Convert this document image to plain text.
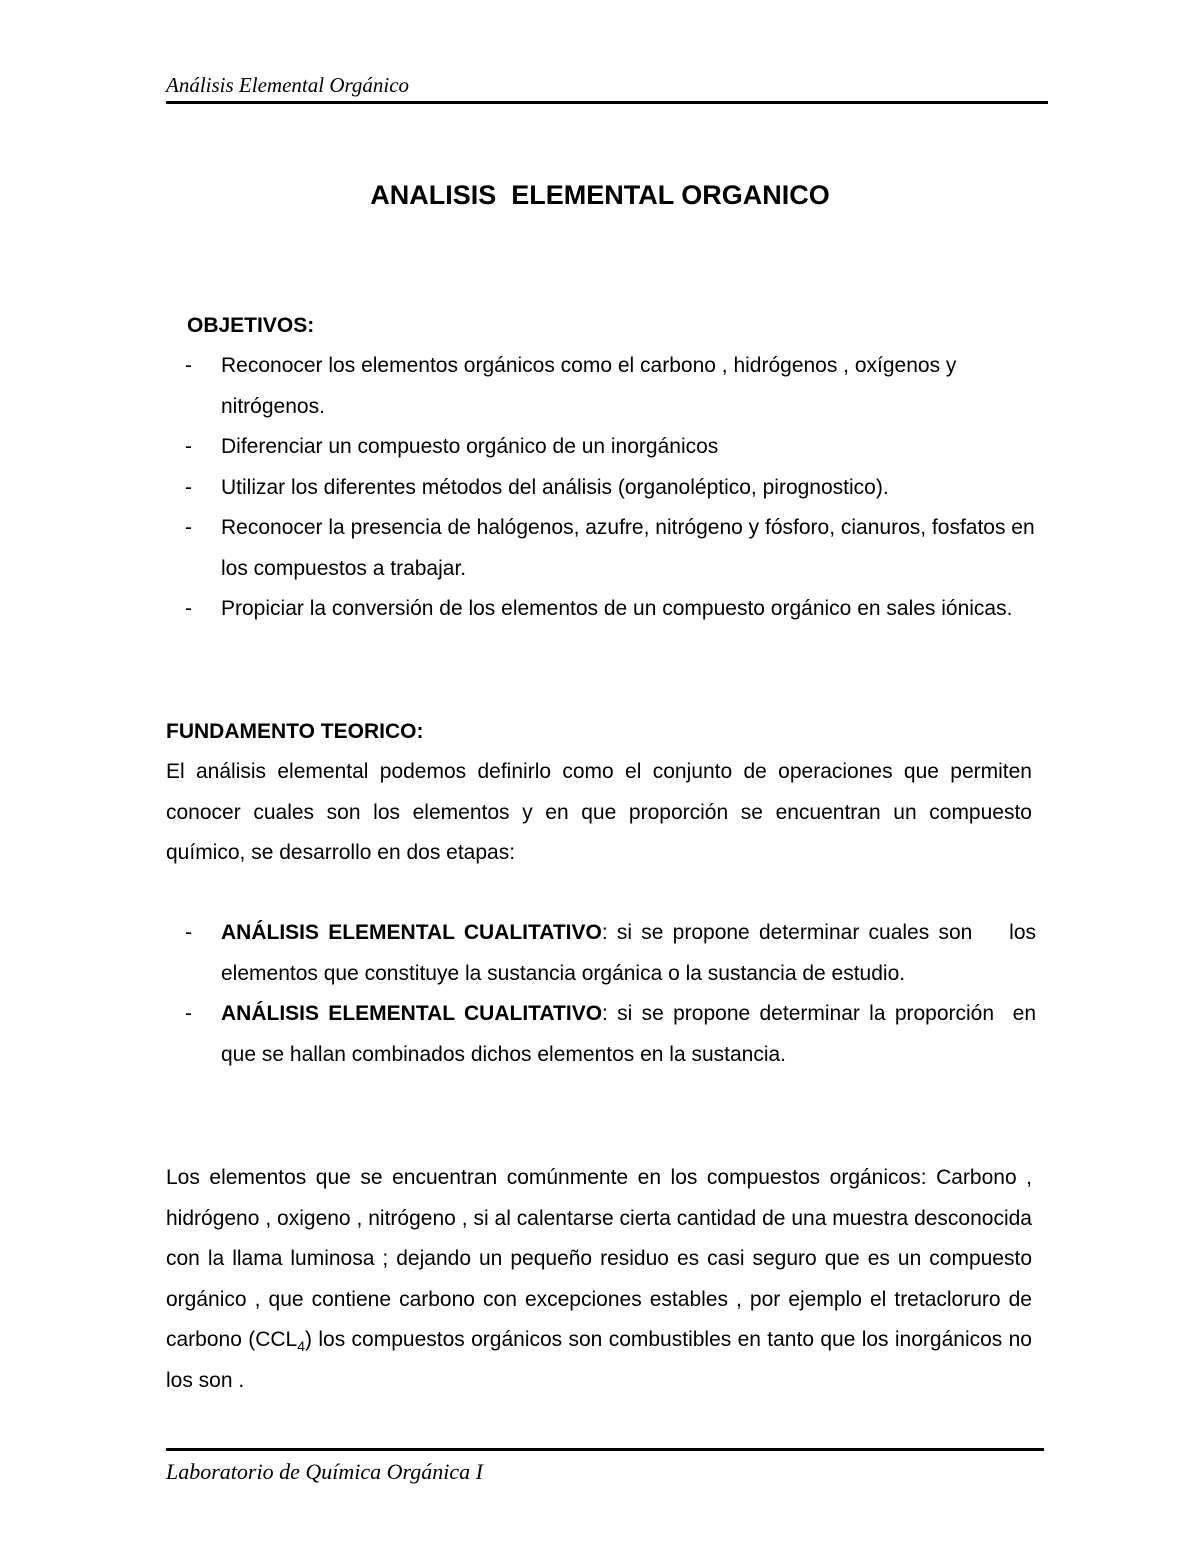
Análisis Elemental Orgánico
ANALISIS  ELEMENTAL ORGANICO
OBJETIVOS:
- Reconocer los elementos orgánicos como el carbono , hidrógenos , oxígenos y nitrógenos.
- Diferenciar un compuesto orgánico de un inorgánicos
- Utilizar los diferentes métodos del análisis (organoléptico, pirognostico).
- Reconocer la presencia de halógenos, azufre, nitrógeno y fósforo, cianuros, fosfatos en los compuestos a trabajar.
- Propiciar la conversión de los elementos de un compuesto orgánico en sales iónicas.
FUNDAMENTO TEORICO:

El análisis elemental podemos definirlo como el conjunto de operaciones que permiten conocer cuales son los elementos y en que proporción se encuentran un compuesto químico, se desarrollo en dos etapas:

- ANÁLISIS ELEMENTAL CUALITATIVO: si se propone determinar cuales son    los elementos que constituye la sustancia orgánica o la sustancia de estudio.
- ANÁLISIS ELEMENTAL CUALITATIVO: si se propone determinar la proporción  en que se hallan combinados dichos elementos en la sustancia.

Los elementos que se encuentran comúnmente en los compuestos orgánicos: Carbono , hidrógeno , oxigeno , nitrógeno , si al calentarse cierta cantidad de una muestra desconocida con la llama luminosa ; dejando un pequeño residuo es casi seguro que es un compuesto orgánico , que contiene carbono con excepciones estables , por ejemplo el tretacloruro de carbono $(CCL_4)$ los compuestos orgánicos son combustibles en tanto que los inorgánicos no los son .

Laboratorio de Química Orgánica I
